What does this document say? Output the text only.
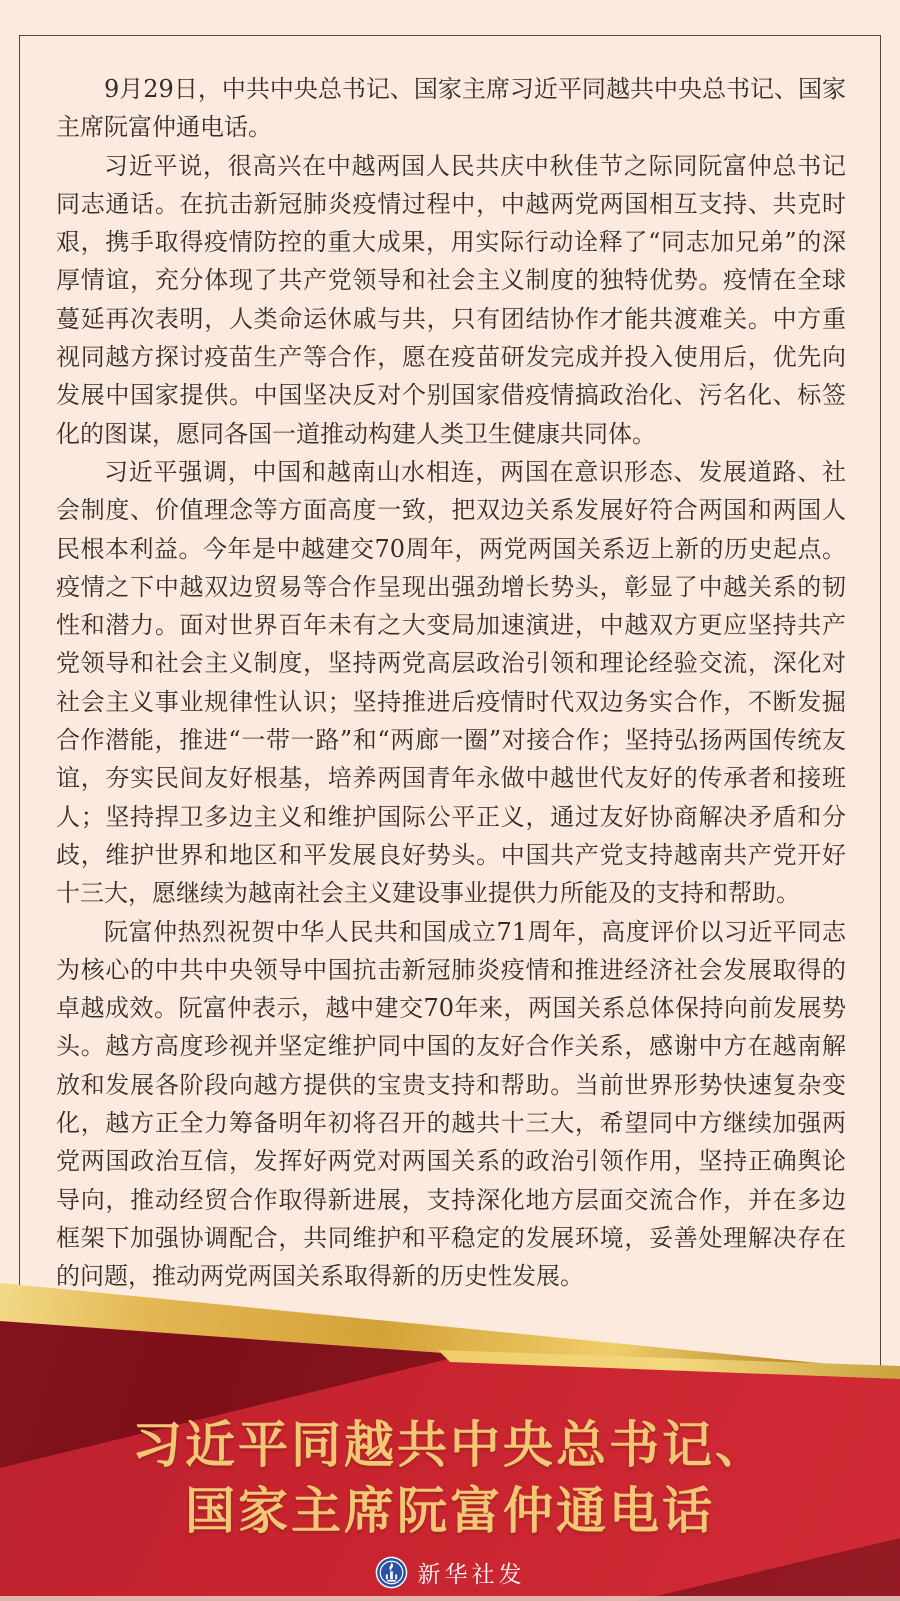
9月29日，中共中央总书记、国家主席习近平同越共中央总书记、国家主席阮富仲通电话。

习近平说，很高兴在中越两国人民共庆中秋佳节之际同阮富仲总书记同志通话。在抗击新冠肺炎疫情过程中，中越两党两国相互支持、共克时艰，携手取得疫情防控的重大成果，用实际行动诠释了“同志加兄弟”的深厚情谊，充分体现了共产党领导和社会主义制度的独特优势。疫情在全球蔓延再次表明，人类命运休戚与共，只有团结协作才能共渡难关。中方重视同越方探讨疫苗生产等合作，愿在疫苗研发完成并投入使用后，优先向发展中国家提供。中国坚决反对个别国家借疫情搞政治化、污名化、标签化的图谋，愿同各国一道推动构建人类卫生健康共同体。

习近平强调，中国和越南山水相连，两国在意识形态、发展道路、社会制度、价值理念等方面高度一致，把双边关系发展好符合两国和两国人民根本利益。今年是中越建交70周年，两党两国关系迈上新的历史起点。疫情之下中越双边贸易等合作呈现出强劲增长势头，彰显了中越关系的韧性和潜力。面对世界百年未有之大变局加速演进，中越双方更应坚持共产党领导和社会主义制度，坚持两党高层政治引领和理论经验交流，深化对社会主义事业规律性认识；坚持推进后疫情时代双边务实合作，不断发掘合作潜能，推进“一带一路”和“两廊一圈”对接合作；坚持弘扬两国传统友谊，夯实民间友好根基，培养两国青年永做中越世代友好的传承者和接班人；坚持捍卫多边主义和维护国际公平正义，通过友好协商解决矛盾和分歧，维护世界和地区和平发展良好势头。中国共产党支持越南共产党开好十三大，愿继续为越南社会主义建设事业提供力所能及的支持和帮助。

阮富仲热烈祝贺中华人民共和国成立71周年，高度评价以习近平同志为核心的中共中央领导中国抗击新冠肺炎疫情和推进经济社会发展取得的卓越成效。阮富仲表示，越中建交70年来，两国关系总体保持向前发展势头。越方高度珍视并坚定维护同中国的友好合作关系，感谢中方在越南解放和发展各阶段向越方提供的宝贵支持和帮助。当前世界形势快速复杂变化，越方正全力筹备明年初将召开的越共十三大，希望同中方继续加强两党两国政治互信，发挥好两党对两国关系的政治引领作用，坚持正确舆论导向，推动经贸合作取得新进展，支持深化地方层面交流合作，并在多边框架下加强协调配合，共同维护和平稳定的发展环境，妥善处理解决存在的问题，推动两党两国关系取得新的历史性发展。

习近平同越共中央总书记、
国家主席阮富仲通电话
新华社发
